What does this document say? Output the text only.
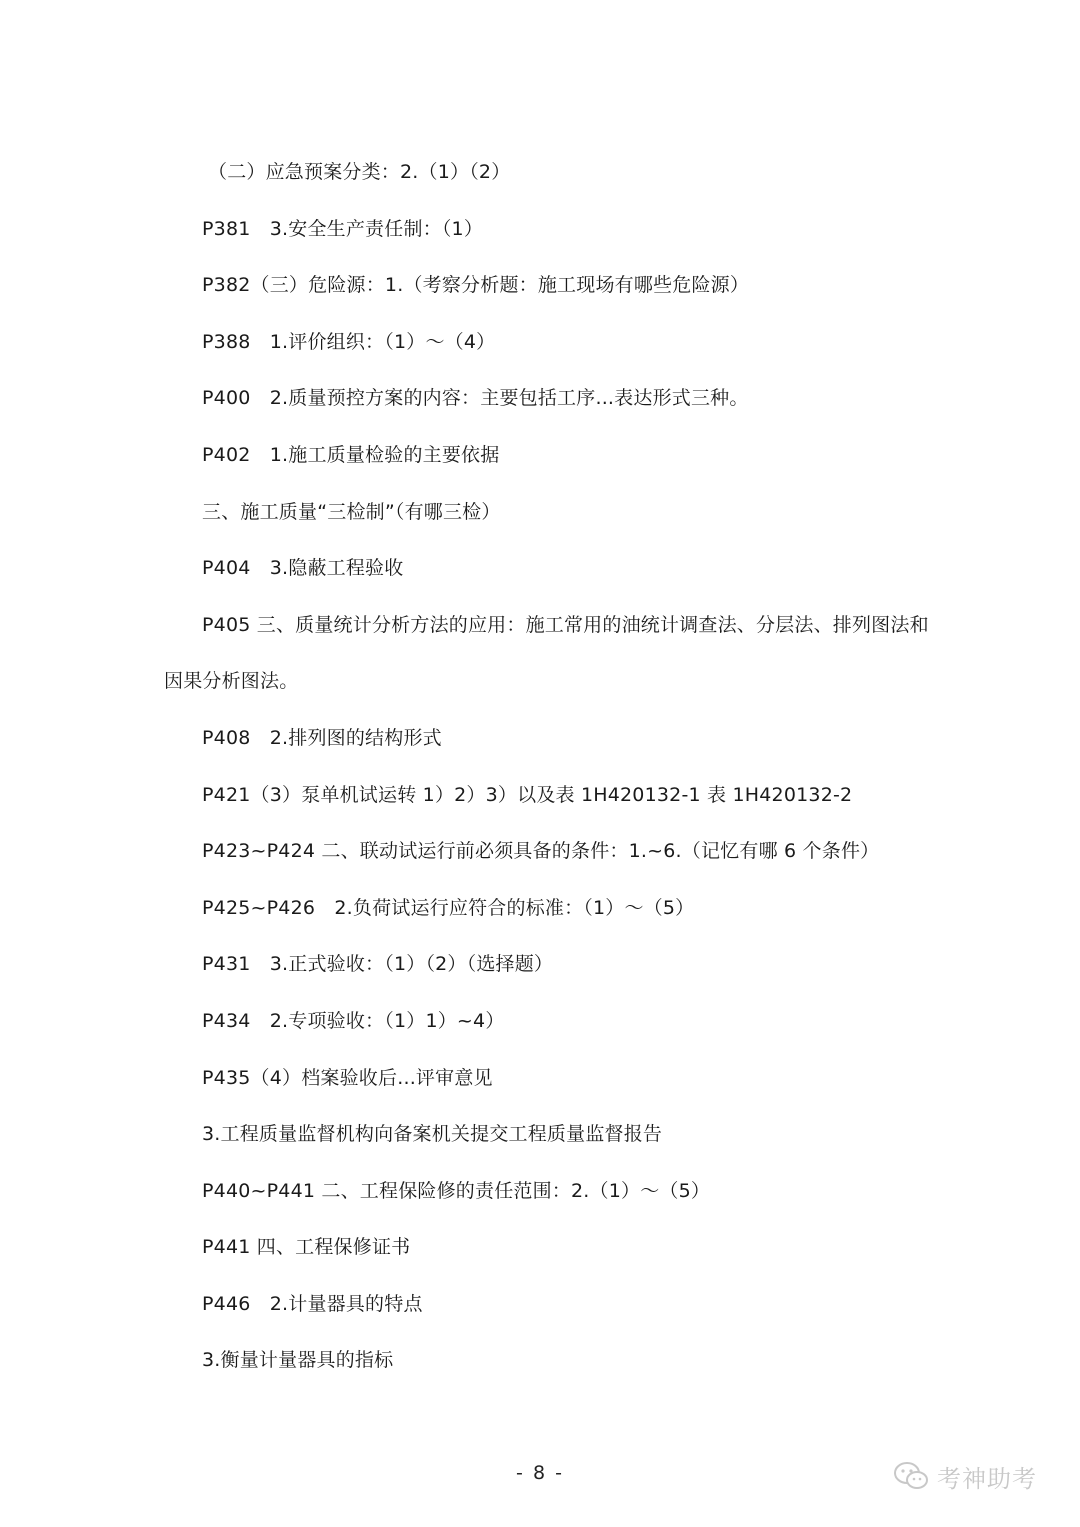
（二）应急预案分类：2.（1）（2）
P381　3.安全生产责任制：（1）
P382（三）危险源：1.（考察分析题：施工现场有哪些危险源）
P388　1.评价组织：（1）～（4）
P400　2.质量预控方案的内容：主要包括工序...表达形式三种。
P402　1.施工质量检验的主要依据
三、施工质量“三检制”（有哪三检）
P404　3.隐蔽工程验收
P405 三、质量统计分析方法的应用：施工常用的油统计调查法、分层法、排列图法和
因果分析图法。
P408　2.排列图的结构形式
P421（3）泵单机试运转 1）2）3）以及表 1H420132-1 表 1H420132-2
P423~P424 二、联动试运行前必须具备的条件：1.~6.（记忆有哪 6 个条件）
P425~P426　2.负荷试运行应符合的标准：（1）～（5）
P431　3.正式验收：（1）（2）（选择题）
P434　2.专项验收：（1）1）~4）
P435（4）档案验收后...评审意见
3.工程质量监督机构向备案机关提交工程质量监督报告
P440~P441 二、工程保险修的责任范围：2.（1）～（5）
P441 四、工程保修证书
P446　2.计量器具的特点
3.衡量计量器具的指标
- 8 -	考神助考
